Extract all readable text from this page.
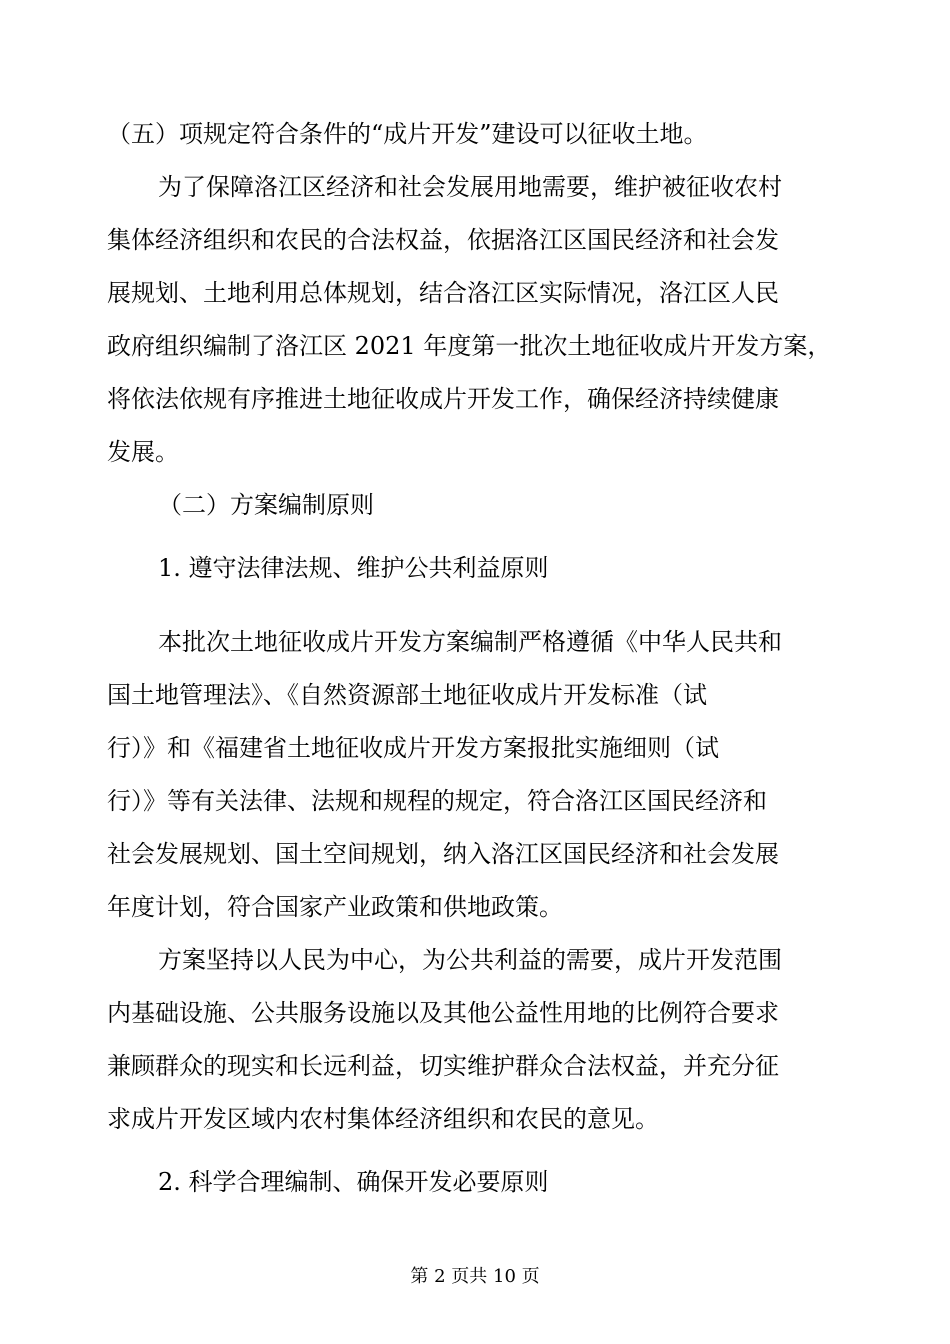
（五）项规定符合条件的“成片开发”建设可以征收土地。
为了保障洛江区经济和社会发展用地需要，维护被征收农村
集体经济组织和农民的合法权益，依据洛江区国民经济和社会发
展规划、土地利用总体规划，结合洛江区实际情况，洛江区人民
政府组织编制了洛江区 2021 年度第一批次土地征收成片开发方案，
将依法依规有序推进土地征收成片开发工作，确保经济持续健康
发展。
（二）方案编制原则
1. 遵守法律法规、维护公共利益原则
本批次土地征收成片开发方案编制严格遵循《中华人民共和
国土地管理法》、《自然资源部土地征收成片开发标准（试
行）》和《福建省土地征收成片开发方案报批实施细则（试
行）》等有关法律、法规和规程的规定，符合洛江区国民经济和
社会发展规划、国土空间规划，纳入洛江区国民经济和社会发展
年度计划，符合国家产业政策和供地政策。
方案坚持以人民为中心，为公共利益的需要，成片开发范围
内基础设施、公共服务设施以及其他公益性用地的比例符合要求
兼顾群众的现实和长远利益，切实维护群众合法权益，并充分征
求成片开发区域内农村集体经济组织和农民的意见。
2. 科学合理编制、确保开发必要原则
第 2 页共 10 页
